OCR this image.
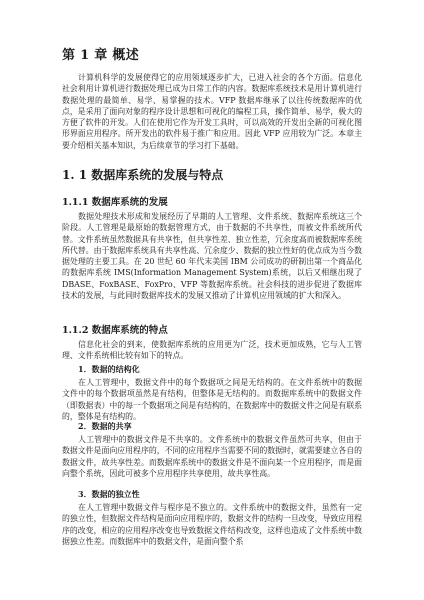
第 1 章 概述

计算机科学的发展使得它的应用领域逐步扩大，已进入社会的各个方面。信息化社会利用计算机进行数据处理已成为日常工作的内容。数据库系统技术是用计算机进行数据处理的最简单、易学、易掌握的技术。VFP 数据库继承了以往传统数据库的优点，是采用了面向对象的程序设计思想和可视化的编程工具，操作简单、易学，极大的方便了软件的开发。人们在使用它作为开发工具时，可以高效的开发出全新的可视化图形界面应用程序。所开发出的软件易于推广和应用。因此 VFP 应用较为广泛。本章主要介绍相关基本知识，为后续章节的学习打下基础。

1. 1 数据库系统的发展与特点
1.1.1 数据库系统的发展

数据处理技术形成和发展经历了早期的人工管理、文件系统、数据库系统这三个阶段。人工管理是最原始的数据管理方式，由于数据的不共享性，而被文件系统所代替。文件系统虽然数据具有共享性，但共享性差、独立性差，冗余度高而被数据库系统所代替。由于数据库系统具有共享性高、冗余度少、数据的独立性好的优点成为当今数据处理的主要工具。在 20 世纪 60 年代末美国 IBM 公司成功的研制出第一个商品化的数据库系统 IMS(Information Management System)系统，以后又相继出现了 DBASE、FoxBASE、FoxPro、VFP 等数据库系统。社会科技的进步促进了数据库技术的发展，与此同时数据库技术的发展又推动了计算机应用领域的扩大和深入。

1.1.2 数据库系统的特点

信息化社会的到来，使数据库系统的应用更为广泛，技术更加成熟，它与人工管理、文件系统相比较有如下的特点。

1．数据的结构化

在人工管理中，数据文件中的每个数据项之间是无结构的。在文件系统中的数据文件中的每个数据项虽然是有结构，但整体是无结构的。而数据库系统中的数据文件（即数据表）中的每一个数据项之间是有结构的，在数据库中的数据文件之间是有联系的，整体是有结构的。

2．数据的共享

人工管理中的数据文件是不共享的。文件系统中的数据文件虽然可共享，但由于数据文件是面向应用程序的，不同的应用程序当需要不同的数据时，就需要建立各自的数据文件，故共享性差。而数据库系统中的数据文件是不面向某一个应用程序，而是面向整个系统，因此可被多个应用程序共享使用，故共享性高。

3．数据的独立性

在人工管理中数据文件与程序是不独立的。文件系统中的数据文件，虽然有一定的独立性，但数据文件结构是面向应用程序的，数据文件的结构一旦改变，导致应用程序的改变，相应的应用程序改变也导致数据文件结构改变，这样也造成了文件系统中数据独立性差。而数据库中的数据文件，是面向整个系
